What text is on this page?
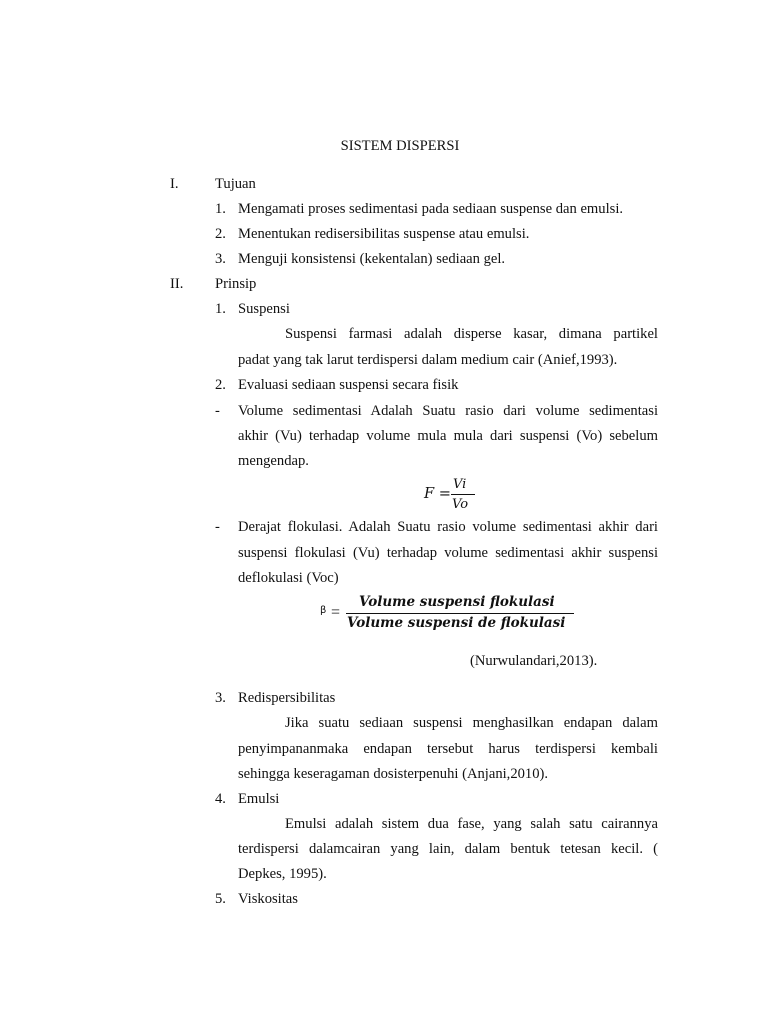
SISTEM DISPERSI
I. Tujuan
1. Mengamati proses sedimentasi pada sediaan suspense dan emulsi.
2. Menentukan redisersibilitas suspense atau emulsi.
3. Menguji konsistensi (kekentalan) sediaan gel.
II. Prinsip
1. Suspensi
Suspensi farmasi adalah disperse kasar, dimana partikel
padat yang tak larut terdispersi dalam medium cair (Anief,1993).
2. Evaluasi sediaan suspensi secara fisik
- Volume sedimentasi Adalah Suatu rasio dari volume sedimentasi
akhir (Vu) terhadap volume mula mula dari suspensi (Vo) sebelum
mengendap.
F =
Vi
Vo
- Derajat flokulasi. Adalah Suatu rasio volume sedimentasi akhir dari
suspensi flokulasi (Vu) terhadap volume sedimentasi akhir suspensi
deflokulasi (Voc)
β =
Volume suspensi flokulasi
Volume suspensi de flokulasi
(Nurwulandari,2013).
3. Redispersibilitas
Jika suatu sediaan suspensi menghasilkan endapan dalam
penyimpananmaka endapan tersebut harus terdispersi kembali
sehingga keseragaman dosisterpenuhi (Anjani,2010).
4. Emulsi
Emulsi adalah sistem dua fase, yang salah satu cairannya
terdispersi dalamcairan yang lain, dalam bentuk tetesan kecil. (
Depkes, 1995).
5. Viskositas
